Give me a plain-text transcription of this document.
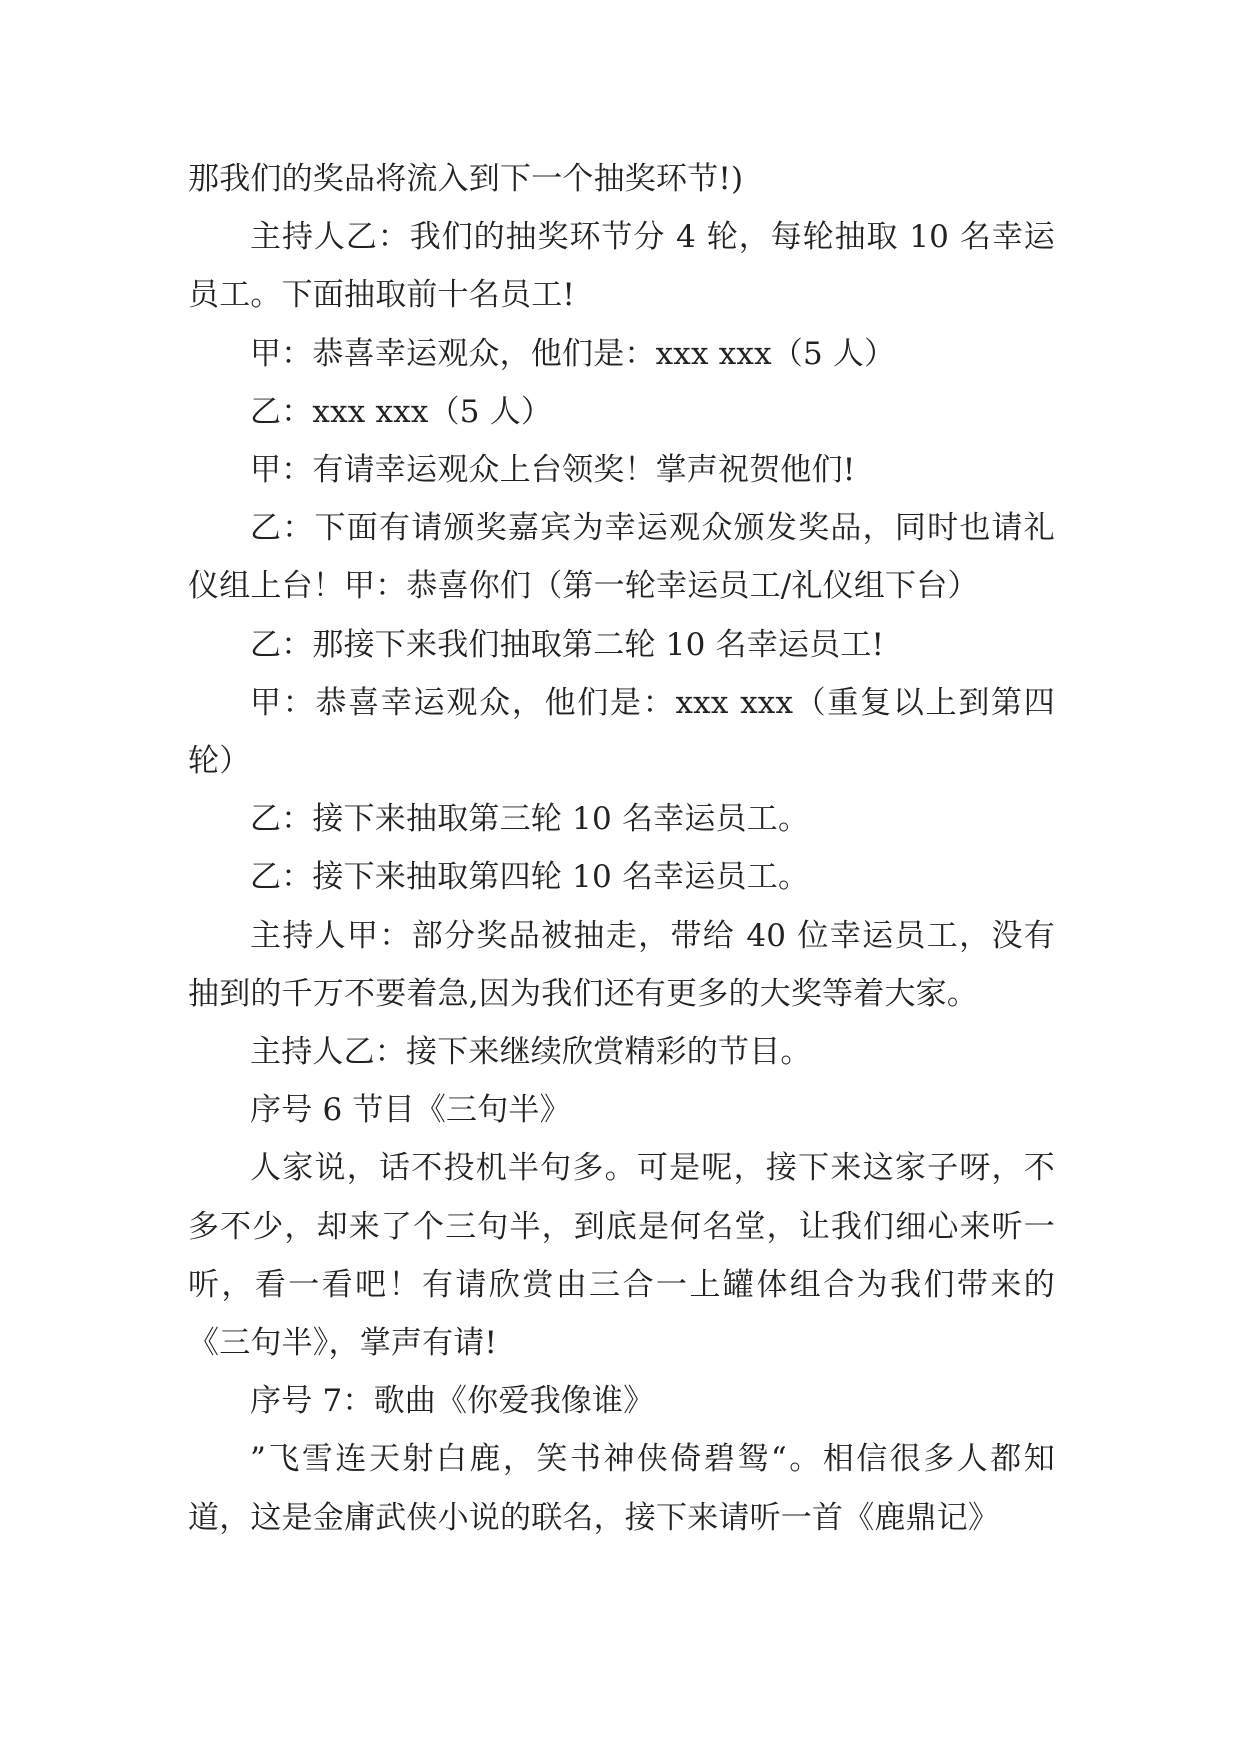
那我们的奖品将流入到下一个抽奖环节!)

主持人乙：我们的抽奖环节分 4 轮，每轮抽取 10 名幸运员工。下面抽取前十名员工!

甲：恭喜幸运观众，他们是：xxx xxx（5 人）

乙：xxx xxx（5 人）

甲：有请幸运观众上台领奖！掌声祝贺他们!

乙：下面有请颁奖嘉宾为幸运观众颁发奖品，同时也请礼仪组上台！甲：恭喜你们（第一轮幸运员工/礼仪组下台）

乙：那接下来我们抽取第二轮 10 名幸运员工!

甲：恭喜幸运观众，他们是：xxx xxx（重复以上到第四轮）

乙：接下来抽取第三轮 10 名幸运员工。

乙：接下来抽取第四轮 10 名幸运员工。

主持人甲：部分奖品被抽走，带给 40 位幸运员工，没有抽到的千万不要着急,因为我们还有更多的大奖等着大家。

主持人乙：接下来继续欣赏精彩的节目。

序号 6 节目《三句半》

人家说，话不投机半句多。可是呢，接下来这家子呀，不多不少，却来了个三句半，到底是何名堂，让我们细心来听一听，看一看吧！有请欣赏由三合一上罐体组合为我们带来的《三句半》，掌声有请!

序号 7：歌曲《你爱我像谁》

”飞雪连天射白鹿，笑书神侠倚碧鸳“。相信很多人都知道，这是金庸武侠小说的联名，接下来请听一首《鹿鼎记》
